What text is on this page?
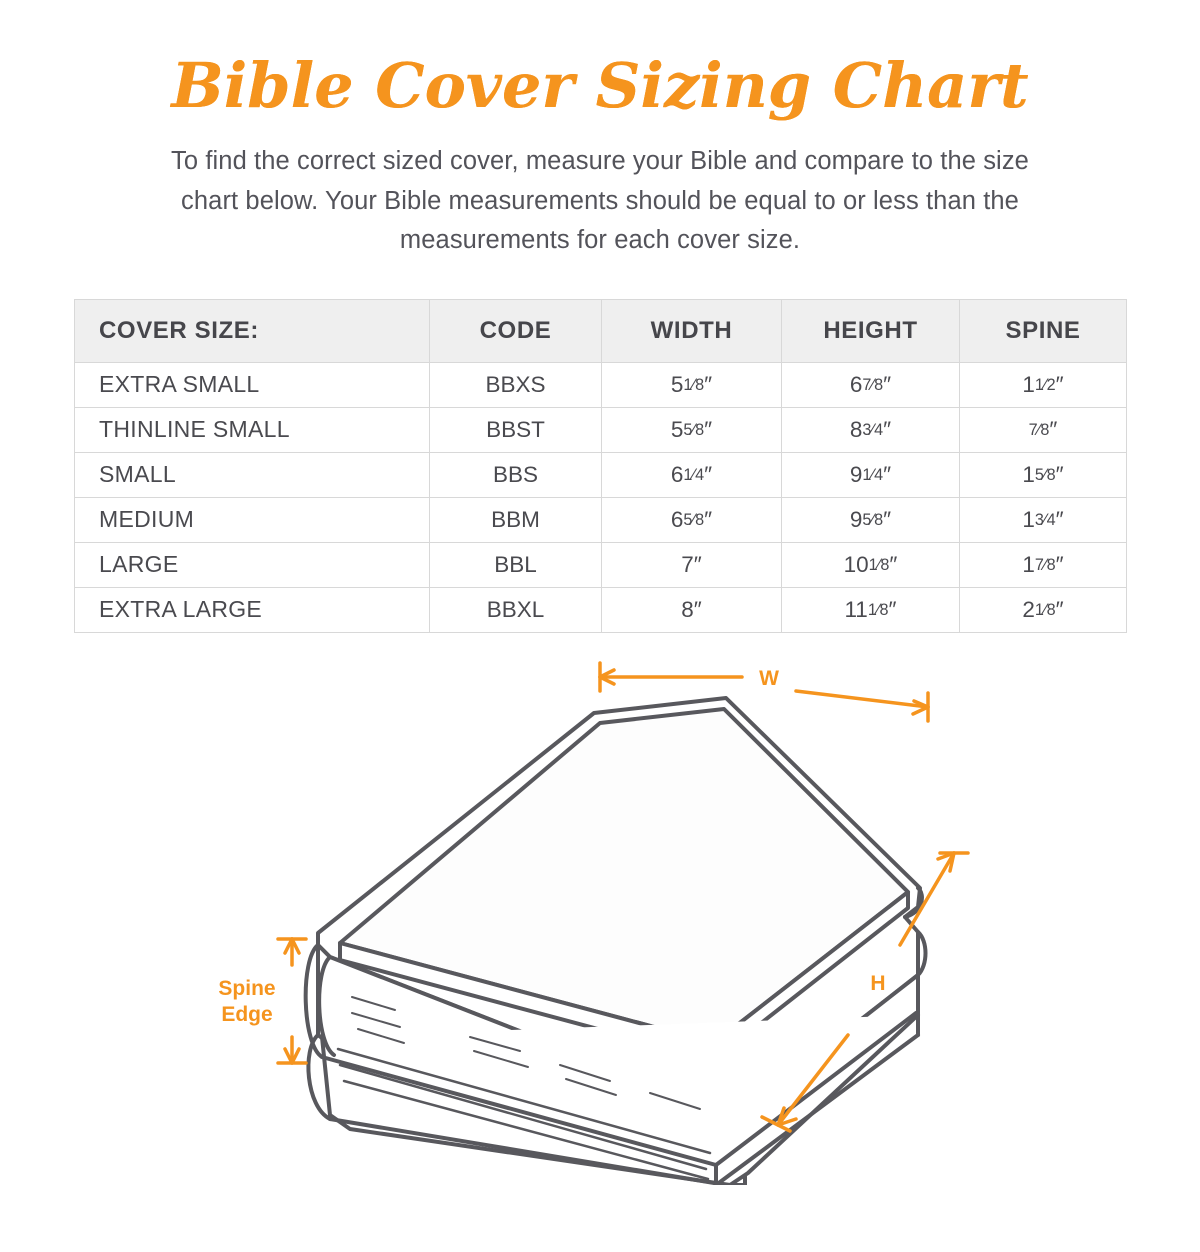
Bible Cover Sizing Chart

To find the correct sized cover, measure your Bible and compare to the size chart below. Your Bible measurements should be equal to or less than the measurements for each cover size.

COVER SIZE:	CODE	WIDTH	HEIGHT	SPINE
EXTRA SMALL	BBXS	51⁄8″	67⁄8″	11⁄2″
THINLINE SMALL	BBST	55⁄8″	83⁄4″	7⁄8″
SMALL	BBS	61⁄4″	91⁄4″	15⁄8″
MEDIUM	BBM	65⁄8″	95⁄8″	13⁄4″
LARGE	BBL	7″	101⁄8″	17⁄8″
EXTRA LARGE	BBXL	8″	111⁄8″	21⁄8″
W
H
Spine
Edge
